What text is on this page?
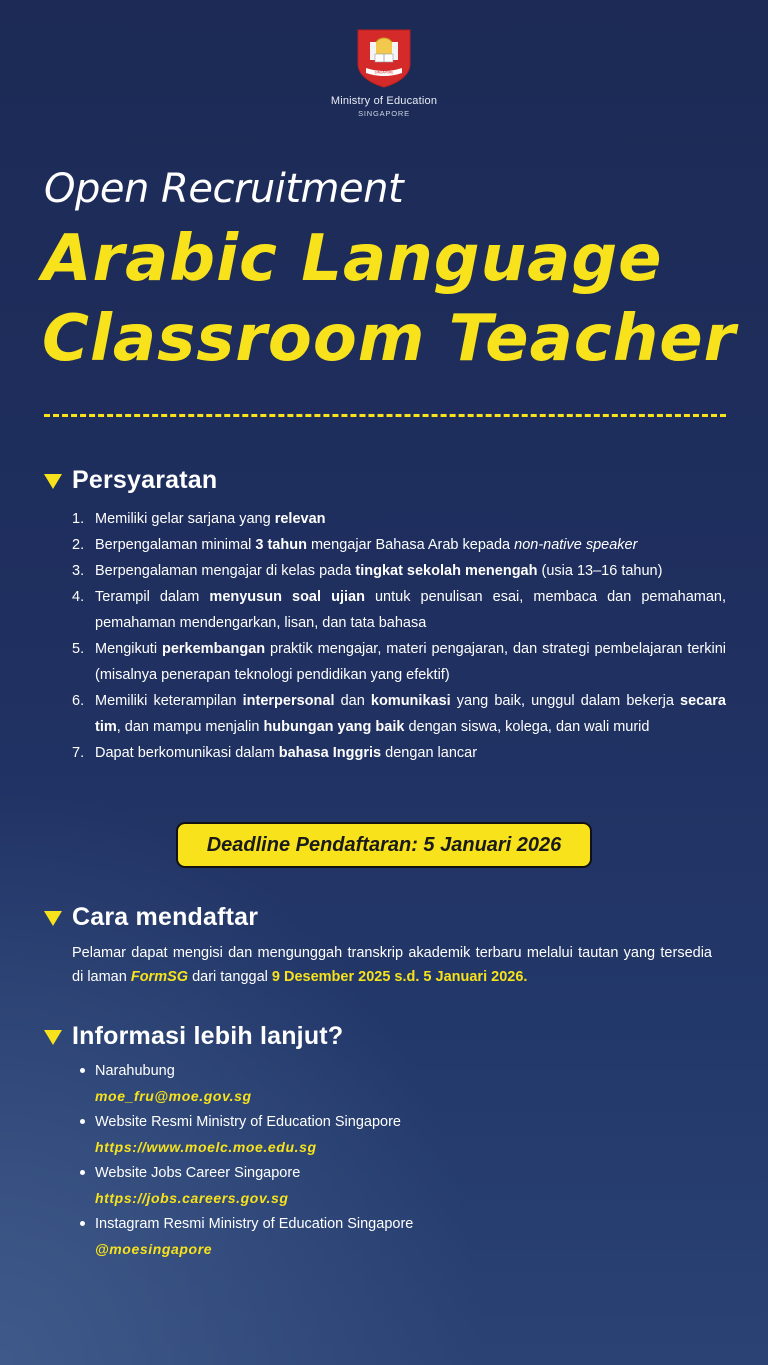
SINGAPORE
Ministry of Education
SINGAPORE
Open Recruitment
Arabic Language
Classroom Teacher
Persyaratan
1. Memiliki gelar sarjana yang relevan
2. Berpengalaman minimal 3 tahun mengajar Bahasa Arab kepada non-native speaker
3. Berpengalaman mengajar di kelas pada tingkat sekolah menengah (usia 13–16 tahun)
4. Terampil dalam menyusun soal ujian untuk penulisan esai, membaca dan pemahaman, pemahaman mendengarkan, lisan, dan tata bahasa
5. Mengikuti perkembangan praktik mengajar, materi pengajaran, dan strategi pembelajaran terkini (misalnya penerapan teknologi pendidikan yang efektif)
6. Memiliki keterampilan interpersonal dan komunikasi yang baik, unggul dalam bekerja secara tim, dan mampu menjalin hubungan yang baik dengan siswa, kolega, dan wali murid
7. Dapat berkomunikasi dalam bahasa Inggris dengan lancar
Deadline Pendaftaran: 5 Januari 2026
Cara mendaftar

Pelamar dapat mengisi dan mengunggah transkrip akademik terbaru melalui tautan yang tersedia di laman FormSG dari tanggal 9 Desember 2025 s.d. 5 Januari 2026.

Informasi lebih lanjut?
Narahubung
moe_fru@moe.gov.sg
Website Resmi Ministry of Education Singapore
https://www.moelc.moe.edu.sg
Website Jobs Career Singapore
https://jobs.careers.gov.sg
Instagram Resmi Ministry of Education Singapore
@moesingapore
